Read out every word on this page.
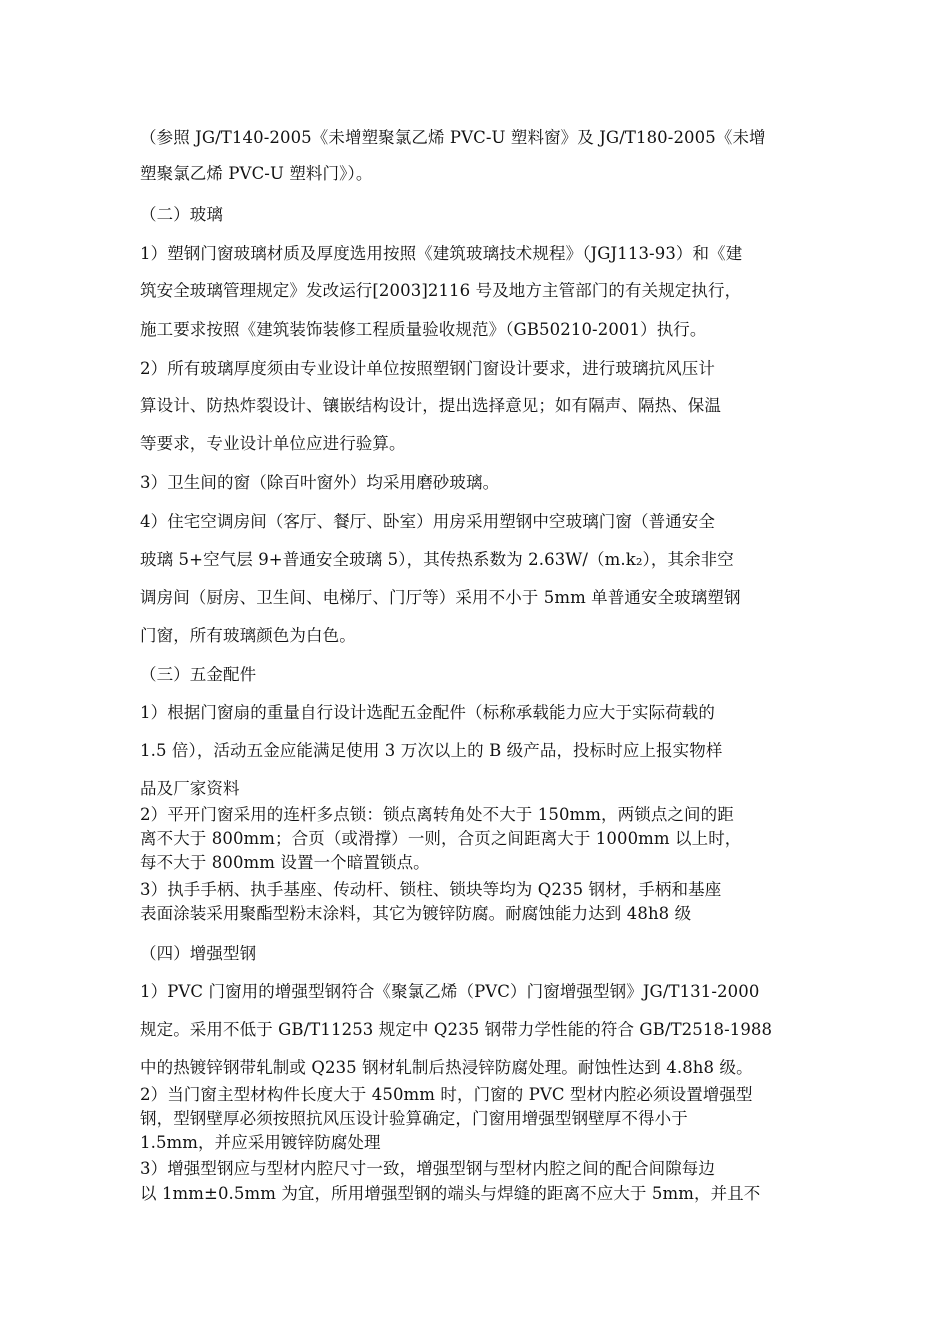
（参照 JG/T140-2005《未增塑聚氯乙烯 PVC-U 塑料窗》及 JG/T180-2005《未增
塑聚氯乙烯 PVC-U 塑料门》）。
（二）玻璃
1）塑钢门窗玻璃材质及厚度选用按照《建筑玻璃技术规程》（JGJ113-93）和《建
筑安全玻璃管理规定》发改运行[2003]2116 号及地方主管部门的有关规定执行，
施工要求按照《建筑装饰装修工程质量验收规范》（GB50210-2001）执行。
2）所有玻璃厚度须由专业设计单位按照塑钢门窗设计要求，进行玻璃抗风压计
算设计、防热炸裂设计、镶嵌结构设计，提出选择意见；如有隔声、隔热、保温
等要求，专业设计单位应进行验算。
3）卫生间的窗（除百叶窗外）均采用磨砂玻璃。
4）住宅空调房间（客厅、餐厅、卧室）用房采用塑钢中空玻璃门窗（普通安全
玻璃 5+空气层 9+普通安全玻璃 5），其传热系数为 2.63W/（m.k₂），其余非空
调房间（厨房、卫生间、电梯厅、门厅等）采用不小于 5mm 单普通安全玻璃塑钢
门窗，所有玻璃颜色为白色。
（三）五金配件
1）根据门窗扇的重量自行设计选配五金配件（标称承载能力应大于实际荷载的
1.5 倍），活动五金应能满足使用 3 万次以上的 B 级产品，投标时应上报实物样
品及厂家资料
2）平开门窗采用的连杆多点锁：锁点离转角处不大于 150mm，两锁点之间的距
离不大于 800mm；合页（或滑撑）一则，合页之间距离大于 1000mm 以上时，
每不大于 800mm 设置一个暗置锁点。
3）执手手柄、执手基座、传动杆、锁柱、锁块等均为 Q235 钢材，手柄和基座
表面涂装采用聚酯型粉末涂料，其它为镀锌防腐。耐腐蚀能力达到 48h8 级
（四）增强型钢
1）PVC 门窗用的增强型钢符合《聚氯乙烯（PVC）门窗增强型钢》JG/T131-2000
规定。采用不低于 GB/T11253 规定中 Q235 钢带力学性能的符合 GB/T2518-1988
中的热镀锌钢带轧制或 Q235 钢材轧制后热浸锌防腐处理。耐蚀性达到 4.8h8 级。
2）当门窗主型材构件长度大于 450mm 时，门窗的 PVC 型材内腔必须设置增强型
钢，型钢壁厚必须按照抗风压设计验算确定，门窗用增强型钢壁厚不得小于
1.5mm，并应采用镀锌防腐处理
3）增强型钢应与型材内腔尺寸一致，增强型钢与型材内腔之间的配合间隙每边
以 1mm±0.5mm 为宜，所用增强型钢的端头与焊缝的距离不应大于 5mm，并且不
